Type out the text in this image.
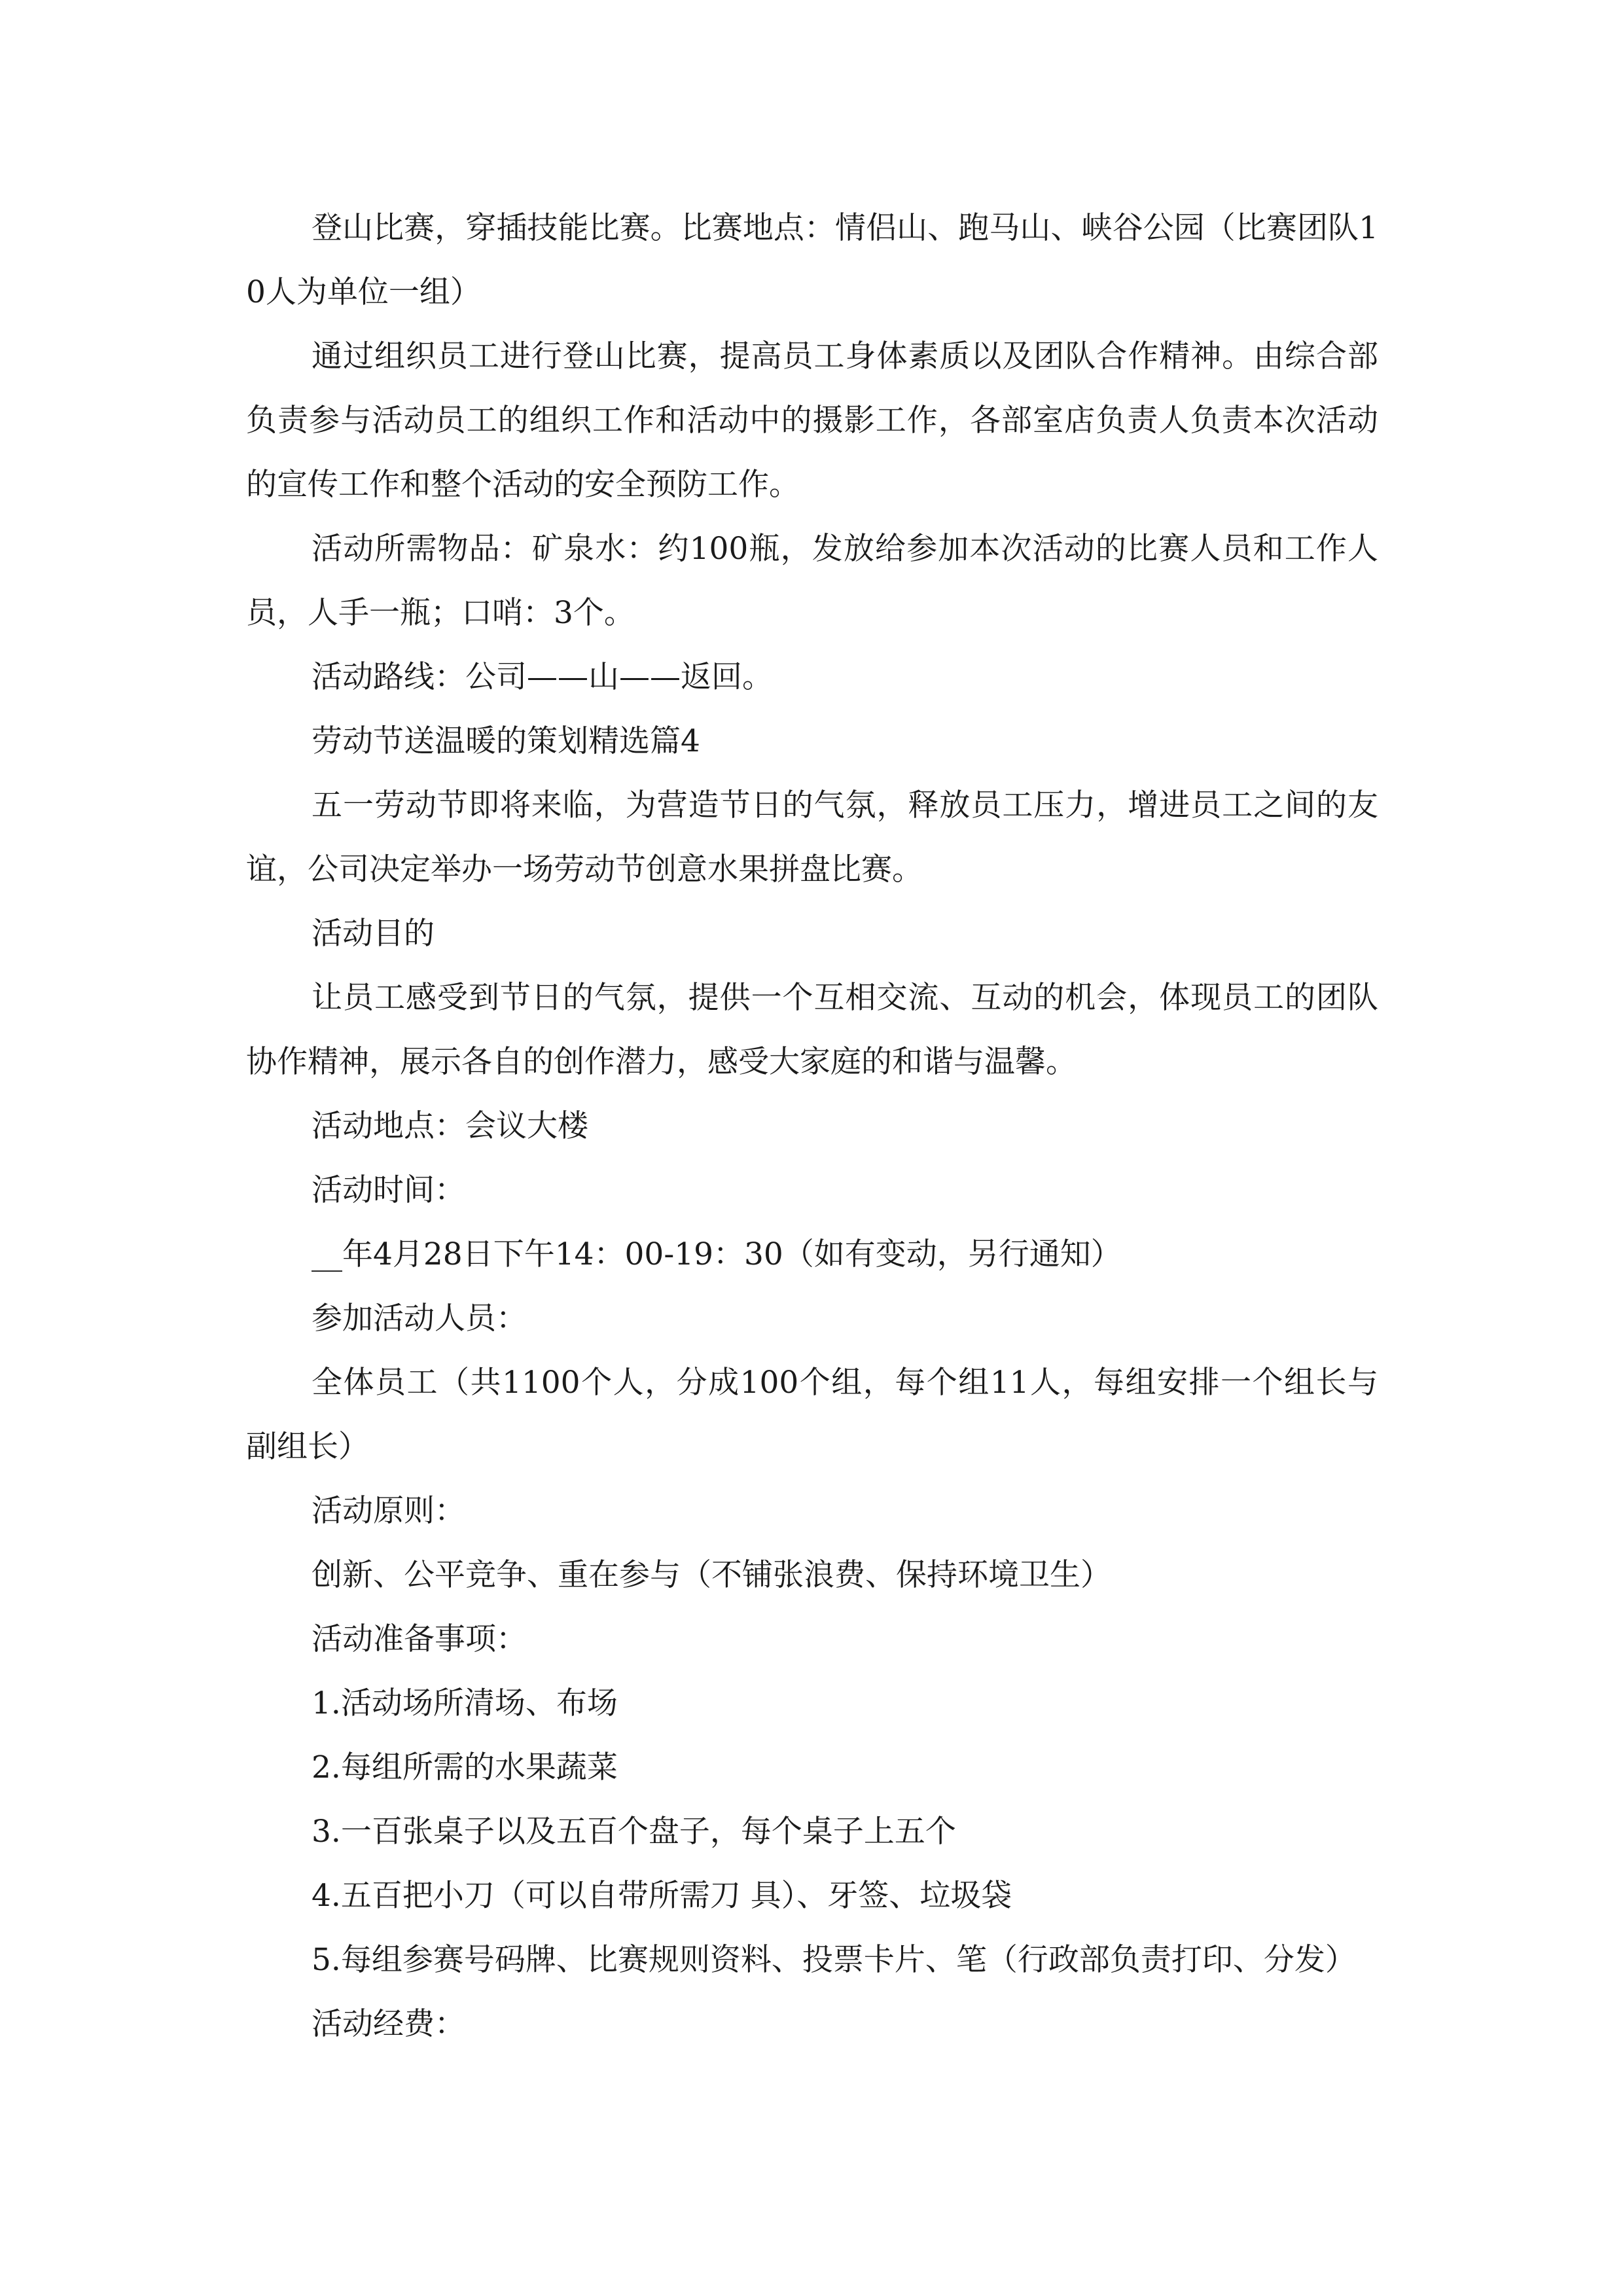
登山比赛，穿插技能比赛。比赛地点：情侣山、跑马山、峡谷公园（比赛团队10人为单位一组）

通过组织员工进行登山比赛，提高员工身体素质以及团队合作精神。由综合部负责参与活动员工的组织工作和活动中的摄影工作，各部室店负责人负责本次活动的宣传工作和整个活动的安全预防工作。

活动所需物品：矿泉水：约100瓶，发放给参加本次活动的比赛人员和工作人员，人手一瓶；口哨：3个。

活动路线：公司——山——返回。

劳动节送温暖的策划精选篇4

五一劳动节即将来临，为营造节日的气氛，释放员工压力，增进员工之间的友谊，公司决定举办一场劳动节创意水果拼盘比赛。

活动目的

让员工感受到节日的气氛，提供一个互相交流、互动的机会，体现员工的团队协作精神，展示各自的创作潜力，感受大家庭的和谐与温馨。

活动地点：会议大楼

活动时间：

__年4月28日下午14：00-19：30（如有变动，另行通知）

参加活动人员：

全体员工（共1100个人，分成100个组，每个组11人，每组安排一个组长与副组长）

活动原则：

创新、公平竞争、重在参与（不铺张浪费、保持环境卫生）

活动准备事项：

1.活动场所清场、布场

2.每组所需的水果蔬菜

3.一百张桌子以及五百个盘子，每个桌子上五个

4.五百把小刀（可以自带所需刀 具）、牙签、垃圾袋

5.每组参赛号码牌、比赛规则资料、投票卡片、笔（行政部负责打印、分发）

活动经费：
